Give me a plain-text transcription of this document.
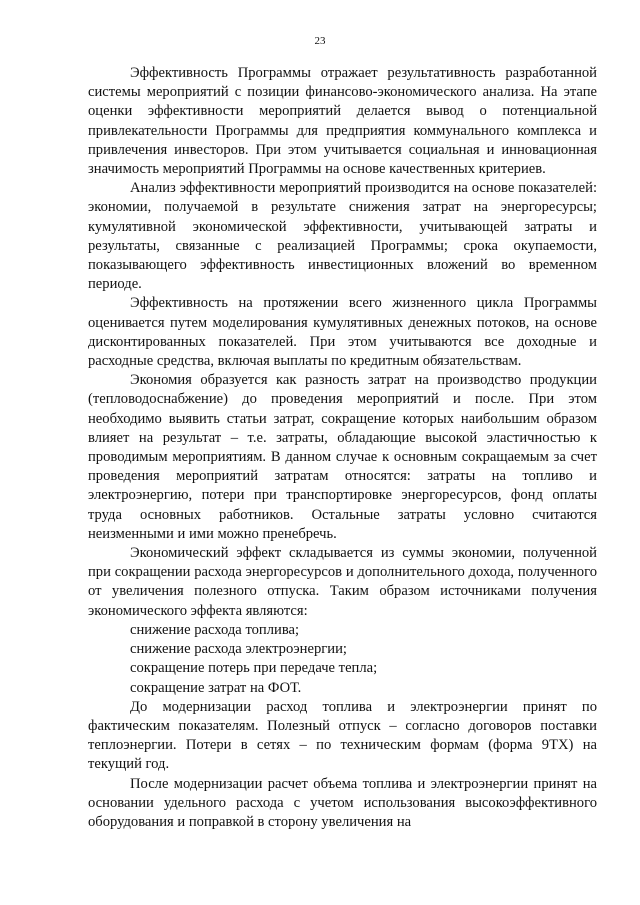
23

Эффективность Программы отражает результативность разработанной системы мероприятий с позиции финансово-экономического анализа. На этапе оценки эффективности мероприятий делается вывод о потенциальной привлекательности Программы для предприятия коммунального комплекса и привлечения инвесторов. При этом учитывается социальная и инновационная значимость мероприятий Программы на основе качественных критериев.

Анализ эффективности мероприятий производится на основе показателей: экономии, получаемой в результате снижения затрат на энергоресурсы; кумулятивной экономической эффективности, учитывающей затраты и результаты, связанные с реализацией Программы; срока окупаемости, показывающего эффективность инвестиционных вложений во временном периоде.

Эффективность на протяжении всего жизненного цикла Программы оценивается путем моделирования кумулятивных денежных потоков, на основе дисконтированных показателей. При этом учитываются все доходные и расходные средства, включая выплаты по кредитным обязательствам.

Экономия образуется как разность затрат на производство продукции (тепловодоснабжение) до проведения мероприятий и после. При этом необходимо выявить статьи затрат, сокращение которых наибольшим образом влияет на результат – т.е. затраты, обладающие высокой эластичностью к проводимым мероприятиям. В данном случае к основным сокращаемым за счет проведения мероприятий затратам относятся: затраты на топливо и электроэнергию, потери при транспортировке энергоресурсов, фонд оплаты труда основных работников. Остальные затраты условно считаются неизменными и ими можно пренебречь.

Экономический эффект складывается из суммы экономии, полученной при сокращении расхода энергоресурсов и дополнительного дохода, полученного от увеличения полезного отпуска. Таким образом источниками получения экономического эффекта являются:

снижение расхода топлива;

снижение расхода электроэнергии;

сокращение потерь при передаче тепла;

сокращение затрат на ФОТ.

До модернизации расход топлива и электроэнергии принят по фактическим показателям. Полезный отпуск – согласно договоров поставки теплоэнергии. Потери в сетях – по техническим формам (форма 9ТХ) на текущий год.

После модернизации расчет объема топлива и электроэнергии принят на основании удельного расхода с учетом использования высокоэффективного оборудования и поправкой в сторону увеличения на
